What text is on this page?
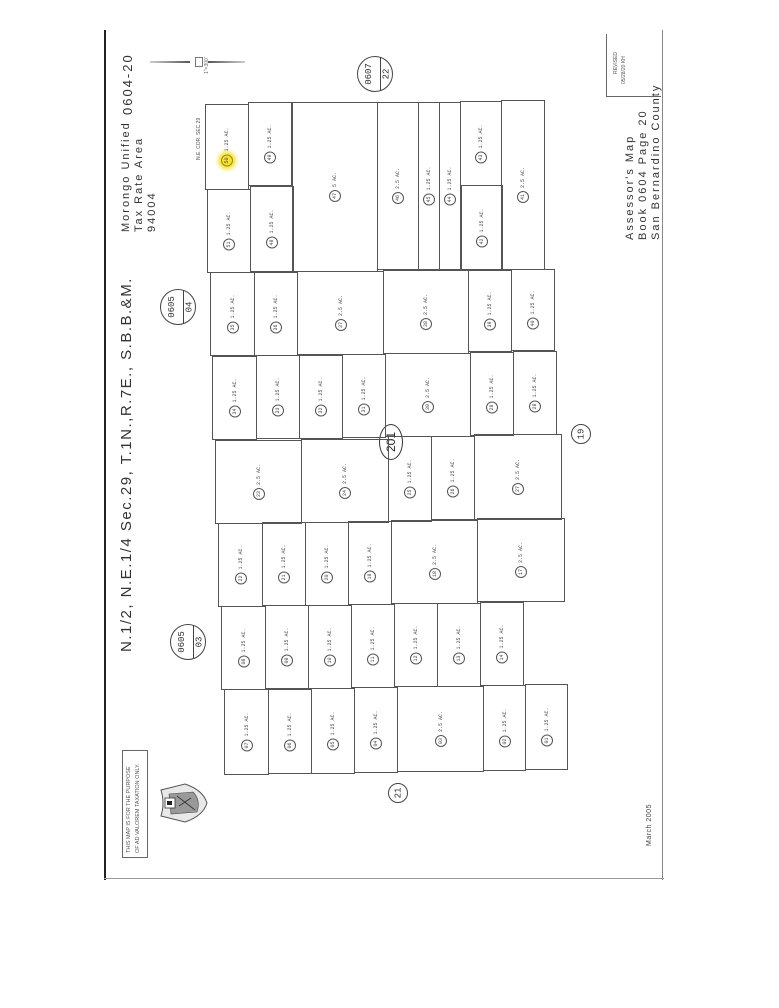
0604-20
Morongo Unified Tax Rate Area 94004
N.1/2, N.E.1/4 Sec.29, T.1N.,R.7E., S.B.B.&M.
1"=300'
N.E. COR. SEC.29
0607 22
0605 04
0605 03
21
19
201
50
1.25 AC.
49
1.25 AC.
51
1.25 AC.
48
1.25 AC.
47
5 AC.
46
2.5 AC.
45
1.25 AC.
44
1.25 AC.
43
1.25 AC.
42
1.25 AC.
41
2.5 AC.
35
1.25 AC.
36
1.25 AC.
37
2.5 AC.
38
2.5 AC.
39
1.25 AC.
40
1.25 AC.
34
1.25 AC.
33
1.25 AC.
32
1.25 AC.
31
1.25 AC.
30
2.5 AC.
29
1.25 AC.
28
1.25 AC.
23
2.5 AC.
24
2.5 AC.
25
1.25 AC.
26
1.25 AC.
27
2.5 AC.
22
1.25 AC.
21
1.25 AC.
20
1.25 AC.
19
1.25 AC.
18
2.5 AC.
17
2.5 AC.
08
1.25 AC.
09
1.25 AC.
10
1.25 AC.
11
1.25 AC.
12
1.25 AC.
13
1.25 AC.
14
1.25 AC.
07
1.25 AC.
06
1.25 AC.
05
1.25 AC.
04
1.25 AC.
03
2.5 AC.
02
1.25 AC.
01
1.25 AC.
THIS MAP IS FOR THE PURPOSE OF AD VALOREM TAXATION ONLY.
Assessor's Map Book 0604 Page 20 San Bernardino County
REVISED 05/28/20 KH
March 2005
